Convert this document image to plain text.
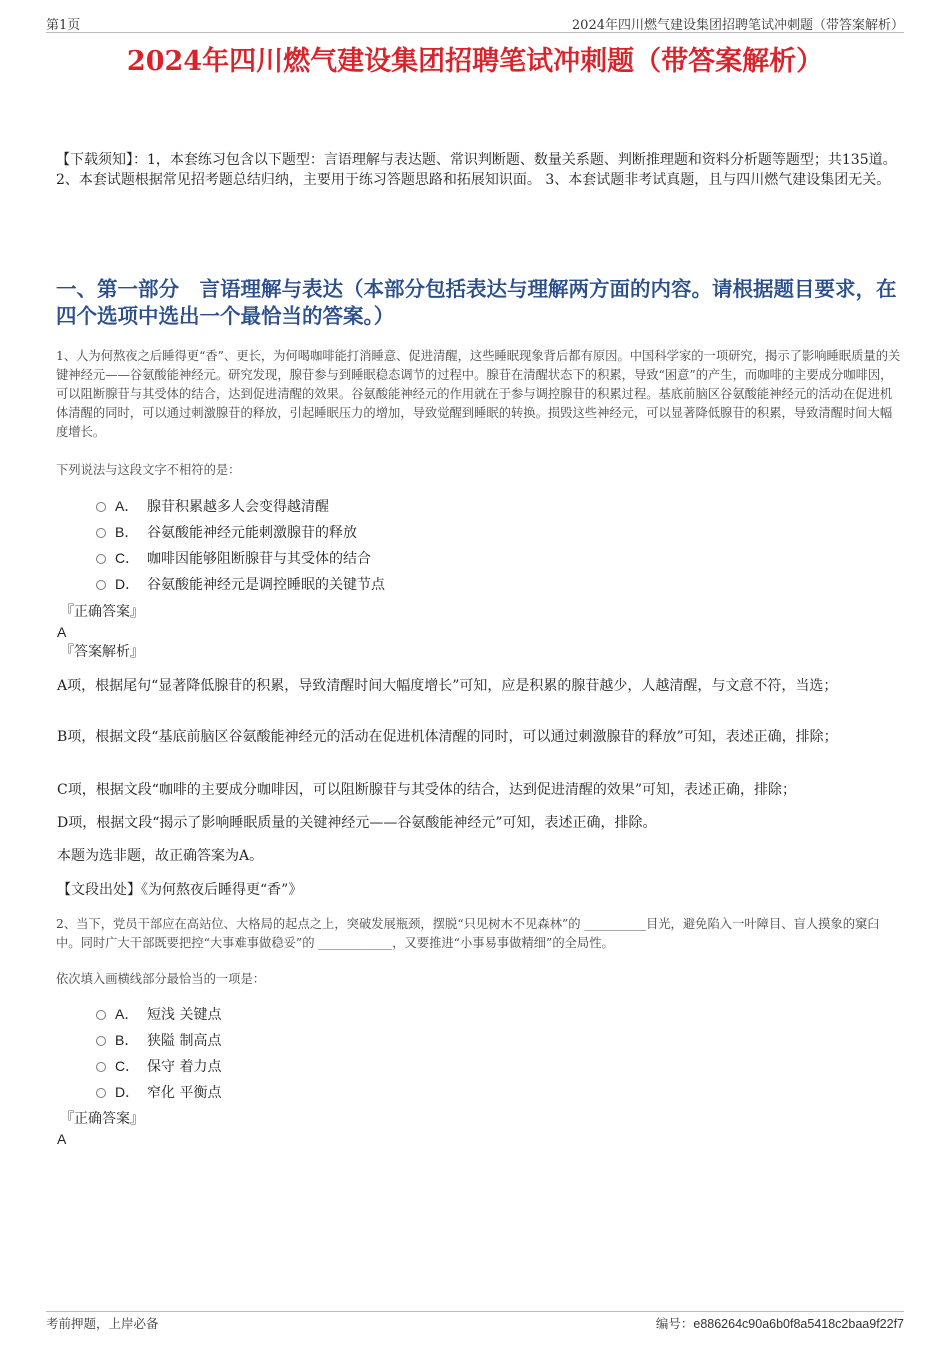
第1页	2024年四川燃气建设集团招聘笔试冲刺题（带答案解析）
2024年四川燃气建设集团招聘笔试冲刺题（带答案解析）

【下载须知】：1，本套练习包含以下题型：言语理解与表达题、常识判断题、数量关系题、判断推理题和资料分析题等题型；共135道。 2、本套试题根据常见招考题总结归纳，主要用于练习答题思路和拓展知识面。 3、本套试题非考试真题，且与四川燃气建设集团无关。

一、第一部分　言语理解与表达（本部分包括表达与理解两方面的内容。请根据题目要求，在四个选项中选出一个最恰当的答案。）

1、人为何熬夜之后睡得更“香”、更长，为何喝咖啡能打消睡意、促进清醒，这些睡眠现象背后都有原因。中国科学家的一项研究，揭示了影响睡眠质量的关键神经元——谷氨酸能神经元。研究发现，腺苷参与到睡眠稳态调节的过程中。腺苷在清醒状态下的积累，导致“困意”的产生，而咖啡的主要成分咖啡因，可以阻断腺苷与其受体的结合，达到促进清醒的效果。谷氨酸能神经元的作用就在于参与调控腺苷的积累过程。基底前脑区谷氨酸能神经元的活动在促进机体清醒的同时，可以通过刺激腺苷的释放，引起睡眠压力的增加，导致觉醒到睡眠的转换。损毁这些神经元，可以显著降低腺苷的积累，导致清醒时间大幅度增长。

下列说法与这段文字不相符的是：

A． 腺苷积累越多人会变得越清醒
B． 谷氨酸能神经元能刺激腺苷的释放
C． 咖啡因能够阻断腺苷与其受体的结合
D． 谷氨酸能神经元是调控睡眠的关键节点
『正确答案』
A
『答案解析』

A项，根据尾句“显著降低腺苷的积累，导致清醒时间大幅度增长”可知，应是积累的腺苷越少，人越清醒，与文意不符，当选；

B项，根据文段“基底前脑区谷氨酸能神经元的活动在促进机体清醒的同时，可以通过刺激腺苷的释放”可知，表述正确，排除；

C项，根据文段“咖啡的主要成分咖啡因，可以阻断腺苷与其受体的结合，达到促进清醒的效果”可知，表述正确，排除；

D项，根据文段“揭示了影响睡眠质量的关键神经元——谷氨酸能神经元”可知，表述正确，排除。

本题为选非题，故正确答案为A。

【文段出处】《为何熬夜后睡得更“香”》

2、当下，党员干部应在高站位、大格局的起点之上，突破发展瓶颈，摆脱“只见树木不见森林”的 __________目光，避免陷入一叶障目、盲人摸象的窠臼中。同时广大干部既要把控“大事难事做稳妥”的 ____________，又要推进“小事易事做精细”的全局性。

依次填入画横线部分最恰当的一项是：

A． 短浅 关键点
B． 狭隘 制高点
C． 保守 着力点
D． 窄化 平衡点
『正确答案』
A
考前押题，上岸必备	编号：e886264c90a6b0f8a5418c2baa9f22f7
